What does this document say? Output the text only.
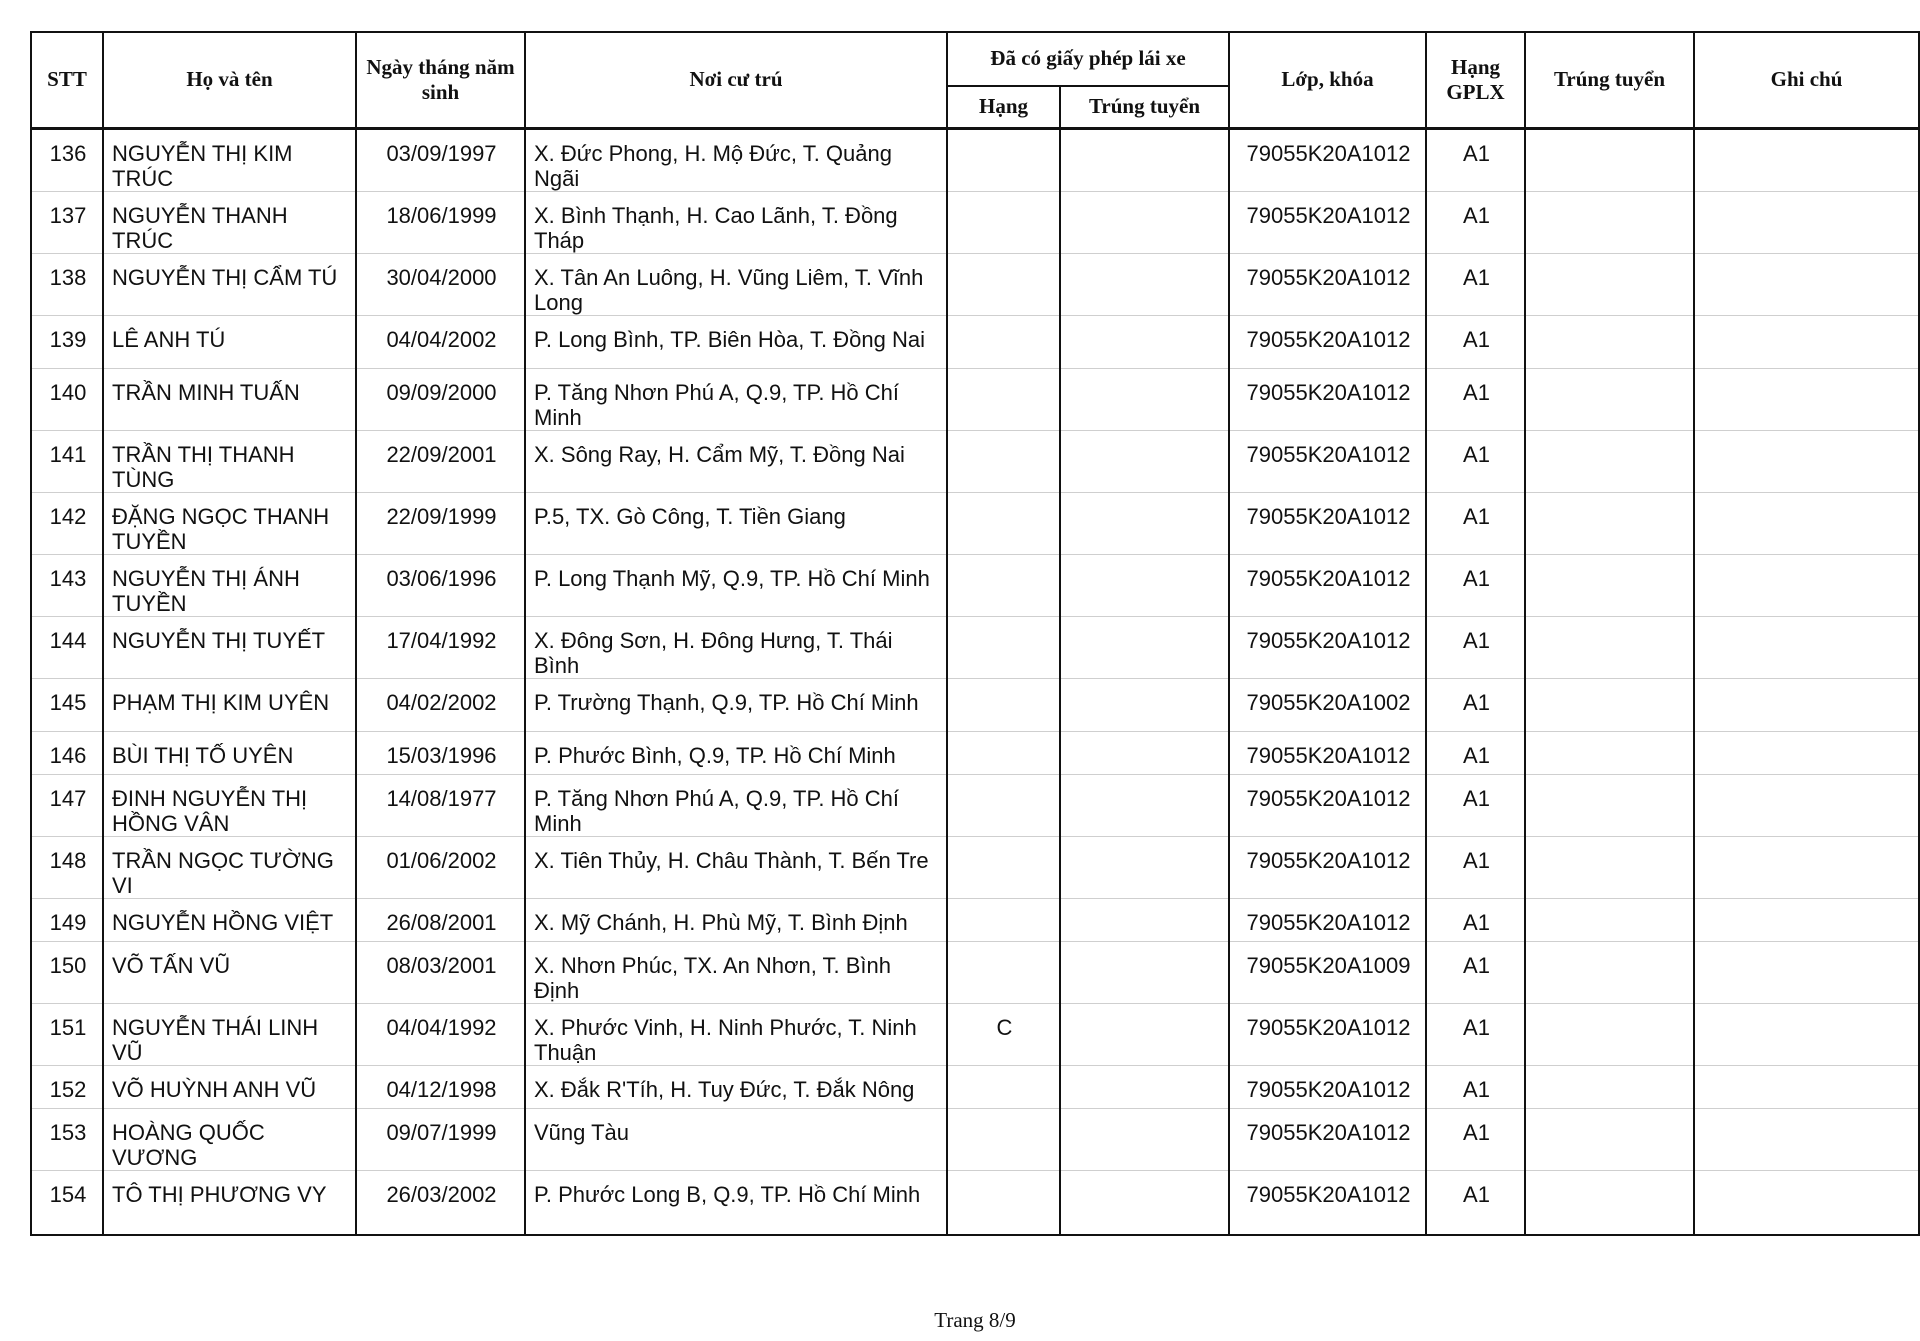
STT	Họ và tên	Ngày tháng năm sinh	Nơi cư trú	Đã có giấy phép lái xe		Lớp, khóa	Hạng GPLX	Trúng tuyển	Ghi chú
				Hạng	Trúng tuyển				
136	NGUYỄN THỊ KIM TRÚC	03/09/1997	X. Đức Phong, H. Mộ Đức, T. Quảng Ngãi			79055K20A1012	A1		
137	NGUYỄN THANH TRÚC	18/06/1999	X. Bình Thạnh, H. Cao Lãnh, T. Đồng Tháp			79055K20A1012	A1		
138	NGUYỄN THỊ CẨM TÚ	30/04/2000	X. Tân An Luông, H. Vũng Liêm, T. Vĩnh Long			79055K20A1012	A1		
139	LÊ ANH TÚ	04/04/2002	P. Long Bình, TP. Biên Hòa, T. Đồng Nai			79055K20A1012	A1		
140	TRẦN MINH TUẤN	09/09/2000	P. Tăng Nhơn Phú A, Q.9, TP. Hồ Chí Minh			79055K20A1012	A1		
141	TRẦN THỊ THANH TÙNG	22/09/2001	X. Sông Ray, H. Cẩm Mỹ, T. Đồng Nai			79055K20A1012	A1		
142	ĐẶNG NGỌC THANH TUYỀN	22/09/1999	P.5, TX. Gò Công, T. Tiền Giang			79055K20A1012	A1		
143	NGUYỄN THỊ ÁNH TUYỀN	03/06/1996	P. Long Thạnh Mỹ, Q.9, TP. Hồ Chí Minh			79055K20A1012	A1		
144	NGUYỄN THỊ TUYẾT	17/04/1992	X. Đông Sơn, H. Đông Hưng, T. Thái Bình			79055K20A1012	A1		
145	PHẠM THỊ KIM UYÊN	04/02/2002	P. Trường Thạnh, Q.9, TP. Hồ Chí Minh			79055K20A1002	A1		
146	BÙI THỊ TỐ UYÊN	15/03/1996	P. Phước Bình, Q.9, TP. Hồ Chí Minh			79055K20A1012	A1		
147	ĐINH NGUYỄN THỊ HỒNG VÂN	14/08/1977	P. Tăng Nhơn Phú A, Q.9, TP. Hồ Chí Minh			79055K20A1012	A1		
148	TRẦN NGỌC TƯỜNG VI	01/06/2002	X. Tiên Thủy, H. Châu Thành, T. Bến Tre			79055K20A1012	A1		
149	NGUYỄN HỒNG VIỆT	26/08/2001	X. Mỹ Chánh, H. Phù Mỹ, T. Bình Định			79055K20A1012	A1		
150	VÕ TẤN VŨ	08/03/2001	X. Nhơn Phúc, TX. An Nhơn, T. Bình Định			79055K20A1009	A1		
151	NGUYỄN THÁI LINH VŨ	04/04/1992	X. Phước Vinh, H. Ninh Phước, T. Ninh Thuận	C		79055K20A1012	A1		
152	VÕ HUỲNH ANH VŨ	04/12/1998	X. Đắk R'Tíh, H. Tuy Đức, T. Đắk Nông			79055K20A1012	A1		
153	HOÀNG QUỐC VƯƠNG	09/07/1999	Vũng Tàu			79055K20A1012	A1		
154	TÔ THỊ PHƯƠNG VY	26/03/2002	P. Phước Long B, Q.9, TP. Hồ Chí Minh			79055K20A1012	A1		
Trang 8/9
